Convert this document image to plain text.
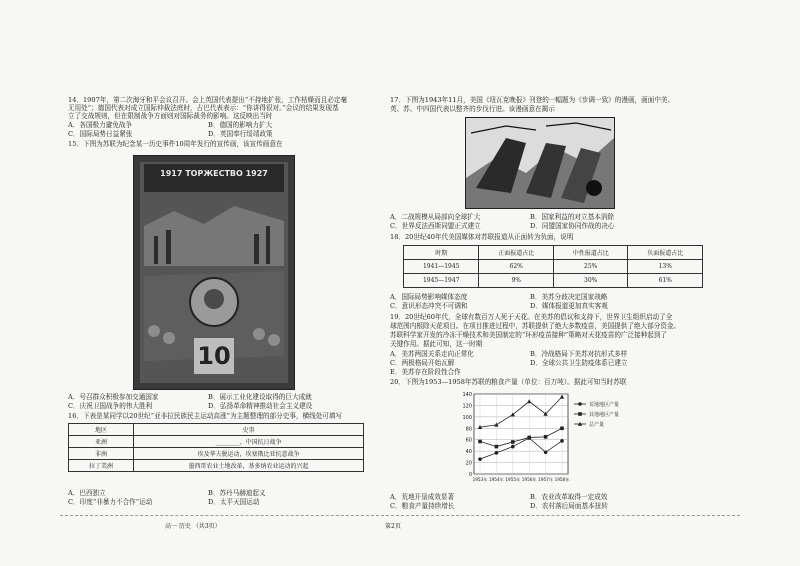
14．1907年，第二次海牙和平会议召开。会上英国代表提出“不持地扩张，工作枯燥而且必定毫
无用处”；德国代表对成立国际仲裁法庭时，占巴代表表示：“你讲得很对。”会议的结果发现基
立了交战规则，但在限制战争方面则对国际裁务的影响。这反映出当时
A．各国极力避免战争	B．德国的影响力扩大
C．国际局势日益紧张	D．英国奉行绥靖政策
15．下图为苏联为纪念某一历史事件10周年发行的宣传画，该宣传画意在
1917 ТОРЖЕСТВО 1927
10
A．号召群众积极参加交通国家	B．展示工业化建设取得的巨大成就
C．庆祝卫国战争的伟大胜利	D．弘扬革命精神推动社会主义建设
16．下表是某同学以20世纪“亚非拉民族民主运动高涨”为主题整理的部分史事，横线处可填写
地区	史事
亚洲	________、中国抗日战争
非洲	埃及华夫脱运动，埃塞俄比亚抗意战争
拉丁美洲	墨西哥农业土地改革，基多纳农业运动的兴起
A．巴西独立	B．苏丹马赫迪起义
C．印度“非暴力不合作”运动	D．太平天国运动
17．下图为1943年11月，美国《纽瓦克晚报》刊登的一幅题为《步调一致》的漫画，画面中美、
英、苏、中四国代表以整齐的步伐行进。该漫画意在揭示
A．二战规模从局部向全球扩大	B．国家利益的对立基本消除
C．世界反法西斯同盟正式建立	D．同盟国家协同作战的决心
18．20世纪40年代美国媒体对苏联报道从正面转为负面，说明
时期	正面报道占比	中性报道占比	负面报道占比
1941—1945	62%	25%	13%
1945—1947	9%	30%	61%
A．国际局势影响媒体态度	B．美苏分歧决定国家战略
C．意识形态冲突不可调和	D．媒体报道更加真实客观
19．20世纪60年代，全球有数百万人死于天花。在美苏的倡议和支持下，世界卫生组织启动了全
球范围内根除天花项目。在项目推进过程中，苏联提供了绝大多数疫苗，美国提供了绝大部分资金。
苏联科学家开发的冷冻干燥技术和美国制定的“环形疫苗接种”策略对天花疫苗的广泛接种起到了
关键作用。据此可知，这一时期
A．美苏两国关系走向正常化	B．冷战格局下美苏对抗形式多样
C．两极格局开始瓦解	D．全球公共卫生防疫体系已建立
E．美苏存在阶段性合作
20．下图为1953—1958年苏联的粮食产量（单位：百万吨）。据此可知当时苏联
0
20
40
60
80
100
120
140
1953年 1954年 1955年 1956年 1957年 1958年
荒地地区产量
其他地区产量
总产量
A．荒地开垦成效显著	B．农业改革取得一定成效
C．粮食产量持续增长	D．农村落后局面基本扭转
高一 历史 （共3页）	第2页
